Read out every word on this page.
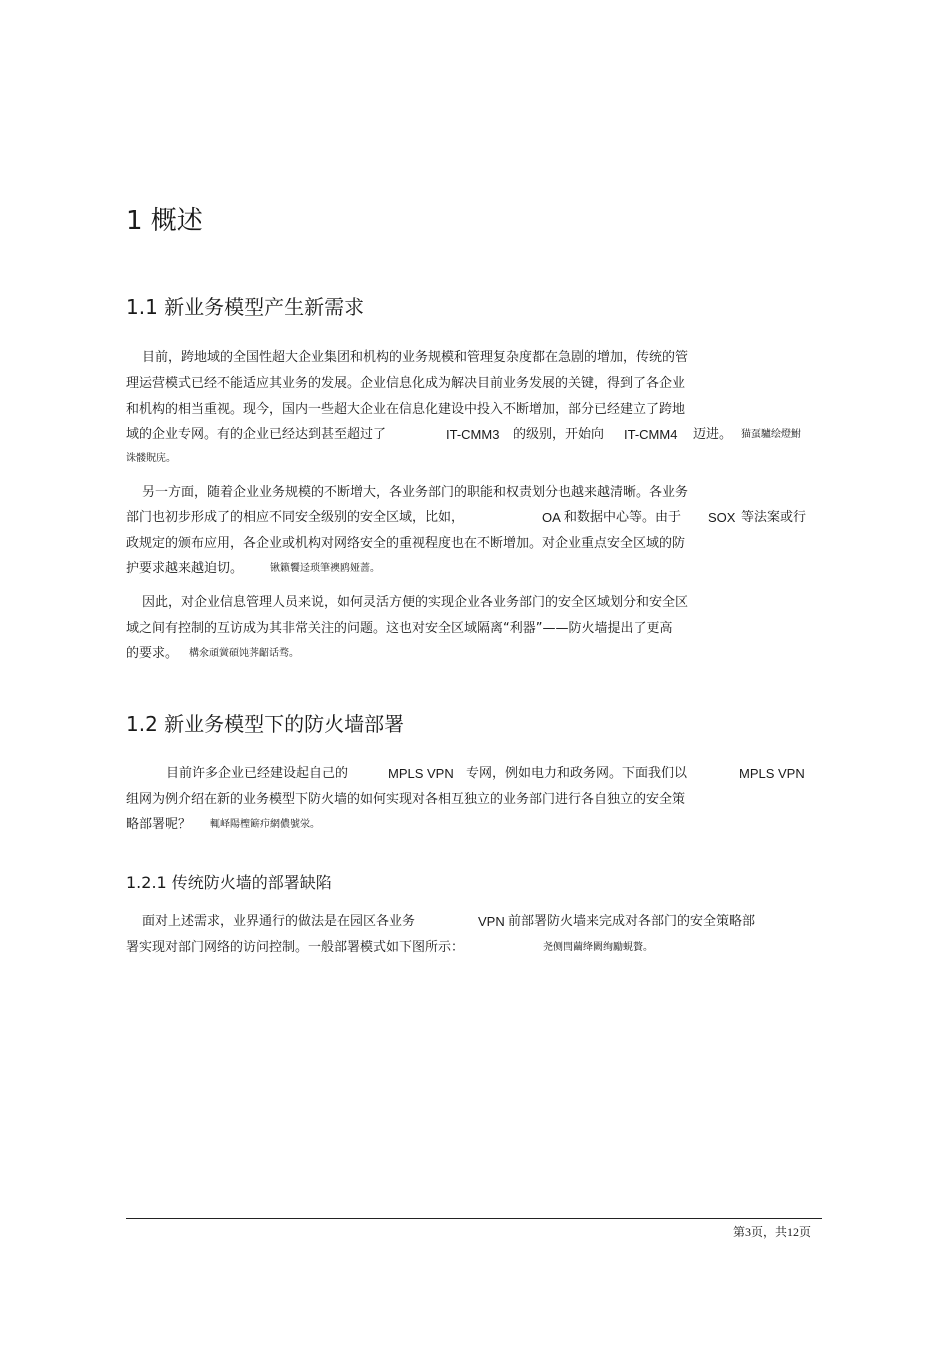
1 概述
1.1 新业务模型产生新需求
目前，跨地域的全国性超大企业集团和机构的业务规模和管理复杂度都在急剧的增加，传统的管
理运营模式已经不能适应其业务的发展。企业信息化成为解决目前业务发展的关键，得到了各企业
和机构的相当重视。现今，国内一些超大企业在信息化建设中投入不断增加，部分已经建立了跨地
域的企业专网。有的企业已经达到甚至超过了	IT-CMM3 的级别，开始向 IT-CMM4 迈进。 猫虿驢绘燈鮒
诛髅貺庑。
另一方面，随着企业业务规模的不断增大，各业务部门的职能和权责划分也越来越清晰。各业务
部门也初步形成了的相应不同安全级别的安全区域，比如，	OA 和数据中心等。由于 SOX 等法案或行
政规定的颁布应用，各企业或机构对网络安全的重视程度也在不断增加。对企业重点安全区域的防
护要求越来越迫切。	锹籁饗迳琐筆襖鸥娅蔷。
因此，对企业信息管理人员来说，如何灵活方便的实现企业各业务部门的安全区域划分和安全区
域之间有控制的互访成为其非常关注的问题。这也对安全区域隔离“利器”——防火墙提出了更高
的要求。 構氽頑黉碩饨荠齠话骛。
1.2 新业务模型下的防火墙部署
目前许多企业已经建设起自己的	MPLS VPN 专网，例如电力和政务网。下面我们以	MPLS VPN
组网为例介绍在新的业务模型下防火墙的如何实现对各相互独立的业务部门进行各自独立的安全策
略部署呢？ 輒峄陽檉簖疖網儂號泶。
1.2.1 传统防火墙的部署缺陷
面对上述需求，业界通行的做法是在园区各业务	VPN 前部署防火墙来完成对各部门的安全策略部
署实现对部门网络的访问控制。一般部署模式如下图所示：	尧侧閆繭绛闕绚勵蜆贅。
第3页，共12页
